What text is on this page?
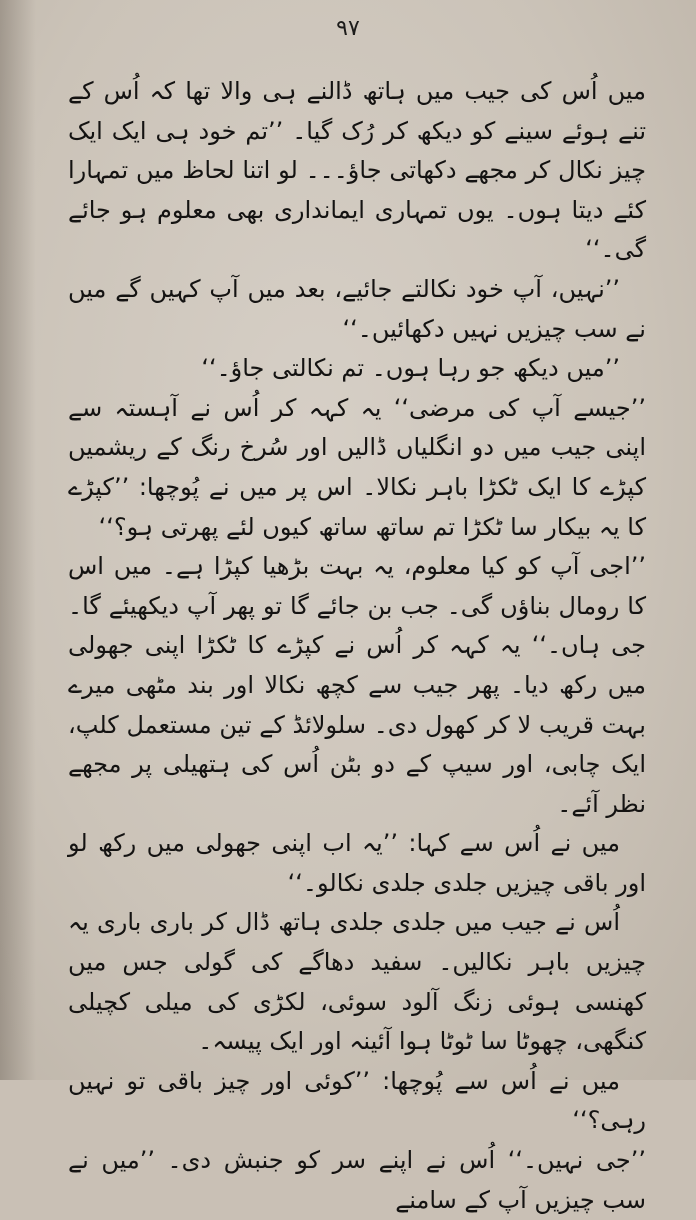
۹۷

میں اُس کی جیب میں ہاتھ ڈالنے ہی والا تھا کہ اُس کے تنے ہوئے سینے کو دیکھ کر رُک گیا۔ ’’تم خود ہی ایک ایک چیز نکال کر مجھے دکھاتی جاؤ۔۔۔ لو اتنا لحاظ میں تمہارا کئے دیتا ہوں۔ یوں تمہاری ایمانداری بھی معلوم ہو جائے گی۔‘‘

’’نہیں، آپ خود نکالتے جائیے، بعد میں آپ کہیں گے میں نے سب چیزیں نہیں دکھائیں۔‘‘

’’میں دیکھ جو رہا ہوں۔ تم نکالتی جاؤ۔‘‘

’’جیسے آپ کی مرضی‘‘ یہ کہہ کر اُس نے آہستہ سے اپنی جیب میں دو انگلیاں ڈالیں اور سُرخ رنگ کے ریشمیں کپڑے کا ایک ٹکڑا باہر نکالا۔ اس پر میں نے پُوچھا: ’’کپڑے کا یہ بیکار سا ٹکڑا تم ساتھ ساتھ کیوں لئے پھرتی ہو؟‘‘

’’اجی آپ کو کیا معلوم، یہ بہت بڑھیا کپڑا ہے۔ میں اس کا رومال بناؤں گی۔ جب بن جائے گا تو پھر آپ دیکھیئے گا۔ جی ہاں۔‘‘ یہ کہہ کر اُس نے کپڑے کا ٹکڑا اپنی جھولی میں رکھ دیا۔ پھر جیب سے کچھ نکالا اور بند مٹھی میرے بہت قریب لا کر کھول دی۔ سلولائڈ کے تین مستعمل کلپ، ایک چابی، اور سیپ کے دو بٹن اُس کی ہتھیلی پر مجھے نظر آئے۔

میں نے اُس سے کہا: ’’یہ اب اپنی جھولی میں رکھ لو اور باقی چیزیں جلدی جلدی نکالو۔‘‘

اُس نے جیب میں جلدی جلدی ہاتھ ڈال کر باری باری یہ چیزیں باہر نکالیں۔ سفید دھاگے کی گولی جس میں کھنسی ہوئی زنگ آلود سوئی، لکڑی کی میلی کچیلی کنگھی، چھوٹا سا ٹوٹا ہوا آئینہ اور ایک پیسہ۔

میں نے اُس سے پُوچھا: ’’کوئی اور چیز باقی تو نہیں رہی؟‘‘

’’جی نہیں۔‘‘ اُس نے اپنے سر کو جنبش دی۔ ’’میں نے سب چیزیں آپ کے سامنے
